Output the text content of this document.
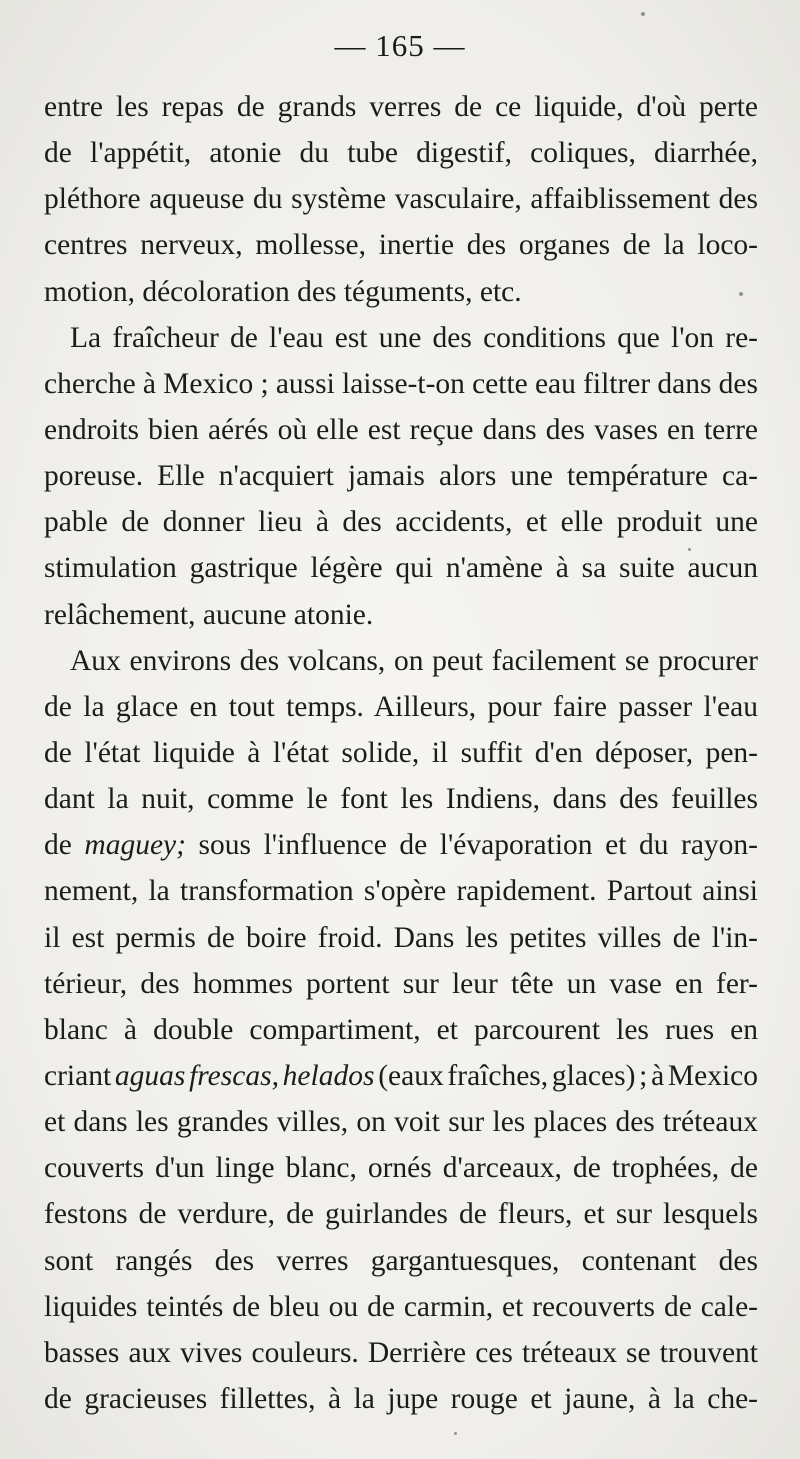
— 165 —
entre les repas de grands verres de ce liquide, d'où perte
de l'appétit, atonie du tube digestif, coliques, diarrhée,
pléthore aqueuse du système vasculaire, affaiblissement des
centres nerveux, mollesse, inertie des organes de la loco-
motion, décoloration des téguments, etc.
La fraîcheur de l'eau est une des conditions que l'on re-
cherche à Mexico ; aussi laisse-t-on cette eau filtrer dans des
endroits bien aérés où elle est reçue dans des vases en terre
poreuse. Elle n'acquiert jamais alors une température ca-
pable de donner lieu à des accidents, et elle produit une
stimulation gastrique légère qui n'amène à sa suite aucun
relâchement, aucune atonie.
Aux environs des volcans, on peut facilement se procurer
de la glace en tout temps. Ailleurs, pour faire passer l'eau
de l'état liquide à l'état solide, il suffit d'en déposer, pen-
dant la nuit, comme le font les Indiens, dans des feuilles
de maguey; sous l'influence de l'évaporation et du rayon-
nement, la transformation s'opère rapidement. Partout ainsi
il est permis de boire froid. Dans les petites villes de l'in-
térieur, des hommes portent sur leur tête un vase en fer-
blanc à double compartiment, et parcourent les rues en
criant aguas frescas, helados (eaux fraîches, glaces) ; à Mexico
et dans les grandes villes, on voit sur les places des tréteaux
couverts d'un linge blanc, ornés d'arceaux, de trophées, de
festons de verdure, de guirlandes de fleurs, et sur lesquels
sont rangés des verres gargantuesques, contenant des
liquides teintés de bleu ou de carmin, et recouverts de cale-
basses aux vives couleurs. Derrière ces tréteaux se trouvent
de gracieuses fillettes, à la jupe rouge et jaune, à la che-
